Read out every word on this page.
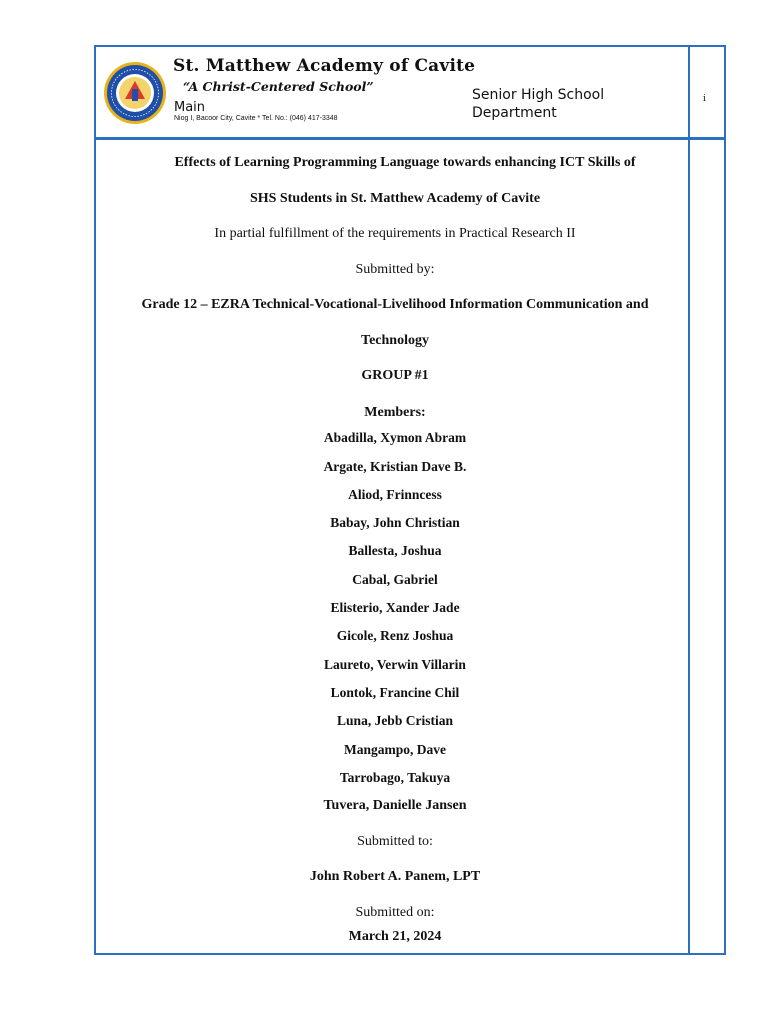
St. Matthew Academy of Cavite
“A Christ-Centered School”
Main
Niog I, Bacoor City, Cavite * Tel. No.: (046) 417-3348
Senior High School Department
i
Effects of Learning Programming Language towards enhancing ICT Skills of
SHS Students in St. Matthew Academy of Cavite
In partial fulfillment of the requirements in Practical Research II
Submitted by:
Grade 12 – EZRA Technical-Vocational-Livelihood Information Communication and
Technology
GROUP #1
Members:
Abadilla, Xymon Abram
Argate, Kristian Dave B.
Aliod, Frinncess
Babay, John Christian
Ballesta, Joshua
Cabal, Gabriel
Elisterio, Xander Jade
Gicole, Renz Joshua
Laureto, Verwin Villarin
Lontok, Francine Chil
Luna, Jebb Cristian
Mangampo, Dave
Tarrobago, Takuya
Tuvera, Danielle Jansen
Submitted to:
John Robert A. Panem, LPT
Submitted on:
March 21, 2024
